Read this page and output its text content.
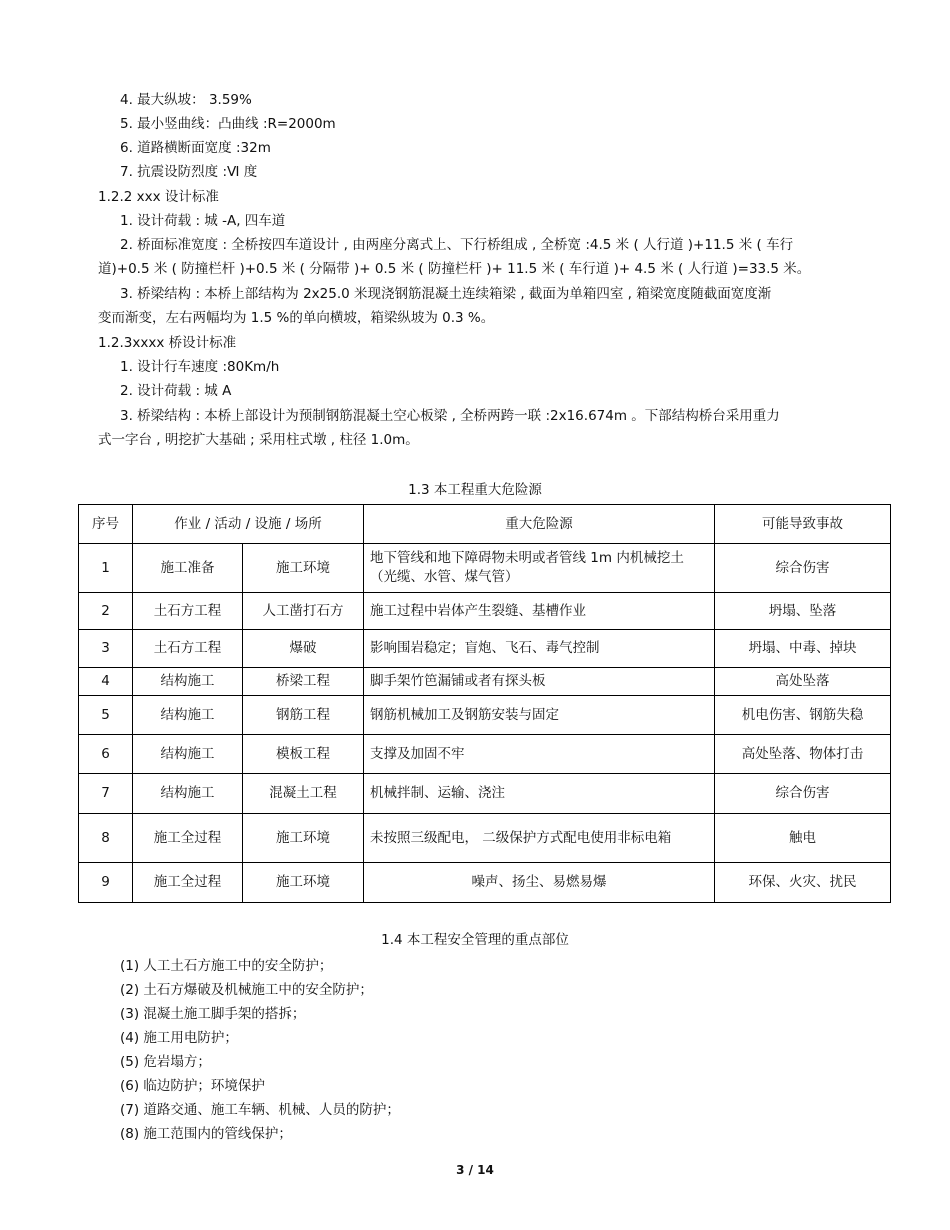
4. 最大纵坡： 3.59%
5. 最小竖曲线：凸曲线 :R=2000m
6. 道路横断面宽度 :32m
7. 抗震设防烈度 :Ⅵ 度
1.2.2 xxx 设计标准
1. 设计荷载 : 城 -A, 四车道
2. 桥面标准宽度 : 全桥按四车道设计 , 由两座分离式上、下行桥组成 , 全桥宽 :4.5 米 ( 人行道 )+11.5 米 ( 车行
道)+0.5 米 ( 防撞栏杆 )+0.5 米 ( 分隔带 )+ 0.5 米 ( 防撞栏杆 )+ 11.5 米 ( 车行道 )+ 4.5 米 ( 人行道 )=33.5 米。
3. 桥梁结构 : 本桥上部结构为 2x25.0 米现浇钢筋混凝土连续箱梁 , 截面为单箱四室 , 箱梁宽度随截面宽度渐
变而渐变，左右两幅均为 1.5 %的单向横坡，箱梁纵坡为 0.3 %。
1.2.3xxxx 桥设计标准
1. 设计行车速度 :80Km/h
2. 设计荷载 : 城 A
3. 桥梁结构 : 本桥上部设计为预制钢筋混凝土空心板梁 , 全桥两跨一联 :2x16.674m 。下部结构桥台采用重力
式一字台 , 明挖扩大基础 ; 采用柱式墩 , 柱径 1.0m。
1.3 本工程重大危险源
序号	作业 / 活动 / 设施 / 场所		重大危险源	可能导致事故
1	施工准备	施工环境	地下管线和地下障碍物未明或者管线 1m 内机械挖土（光缆、水管、煤气管）	综合伤害
2	土石方工程	人工凿打石方	施工过程中岩体产生裂缝、基槽作业	坍塌、坠落
3	土石方工程	爆破	影响围岩稳定；盲炮、飞石、毒气控制	坍塌、中毒、掉块
4	结构施工	桥梁工程	脚手架竹笆漏铺或者有探头板	高处坠落
5	结构施工	钢筋工程	钢筋机械加工及钢筋安装与固定	机电伤害、钢筋失稳
6	结构施工	模板工程	支撑及加固不牢	高处坠落、物体打击
7	结构施工	混凝土工程	机械拌制、运输、浇注	综合伤害
8	施工全过程	施工环境	未按照三级配电， 二级保护方式配电使用非标电箱	触电
9	施工全过程	施工环境	噪声、扬尘、易燃易爆	环保、火灾、扰民
1.4 本工程安全管理的重点部位
(1) 人工土石方施工中的安全防护；
(2) 土石方爆破及机械施工中的安全防护；
(3) 混凝土施工脚手架的搭拆；
(4) 施工用电防护；
(5) 危岩塌方；
(6) 临边防护；环境保护
(7) 道路交通、施工车辆、机械、人员的防护；
(8) 施工范围内的管线保护；
3 / 14
